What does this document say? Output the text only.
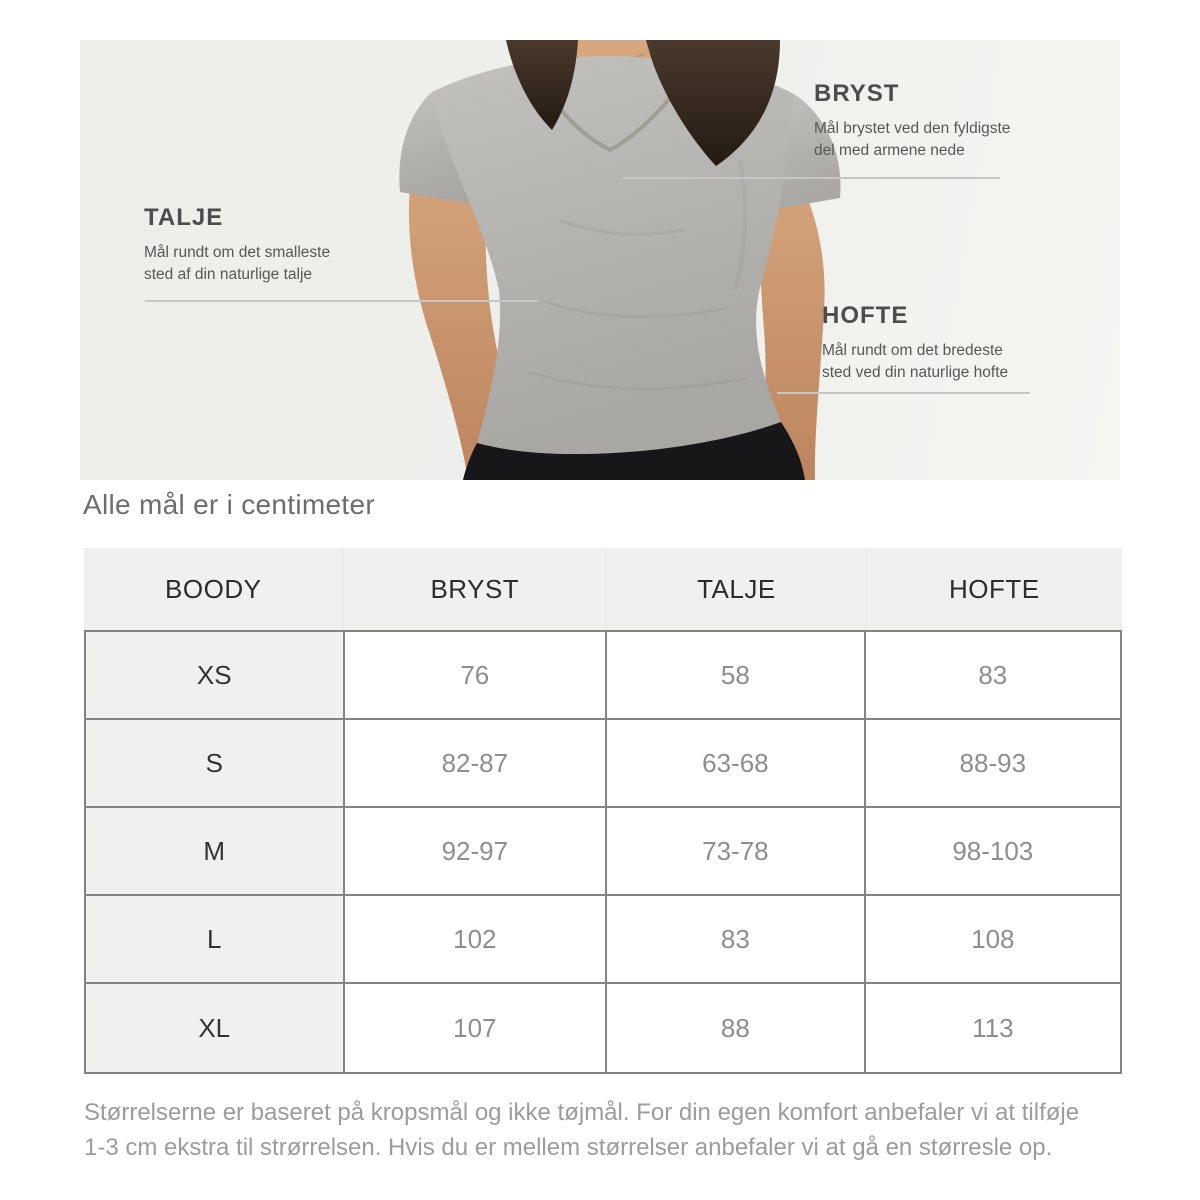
BRYST
Mål brystet ved den fyldigste del med armene nede
TALJE
Mål rundt om det smalleste sted af din naturlige talje
HOFTE
Mål rundt om det bredeste sted ved din naturlige hofte
Alle mål er i centimeter
BOODY	BRYST	TALJE	HOFTE
XS	76	58	83
S	82-87	63-68	88-93
M	92-97	73-78	98-103
L	102	83	108
XL	107	88	113
Størrelserne er baseret på kropsmål og ikke tøjmål. For din egen komfort anbefaler vi at tilføje
1-3 cm ekstra til strørrelsen. Hvis du er mellem størrelser anbefaler vi at gå en størresle op.
